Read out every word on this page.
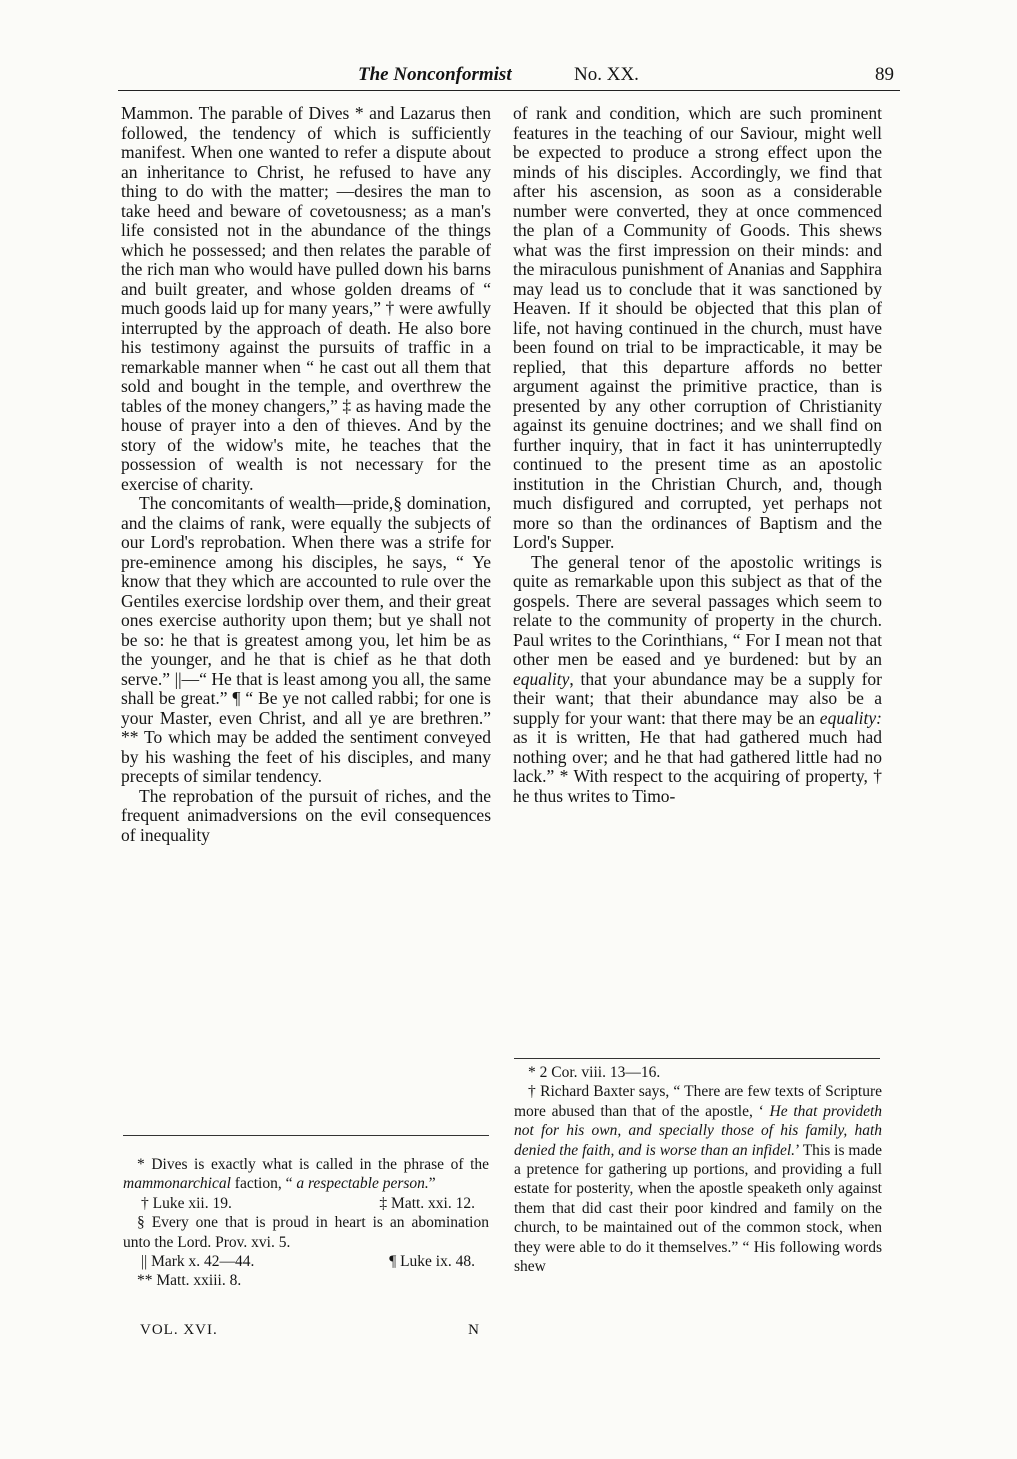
The Nonconformist	No. XX.	89

Mammon. The parable of Dives * and Lazarus then followed, the tendency of which is sufficiently manifest. When one wanted to refer a dispute about an inheritance to Christ, he refused to have any thing to do with the matter; —desires the man to take heed and beware of covetousness; as a man's life consisted not in the abundance of the things which he possessed; and then relates the parable of the rich man who would have pulled down his barns and built greater, and whose golden dreams of “ much goods laid up for many years,” † were awfully interrupted by the approach of death. He also bore his testimony against the pursuits of traffic in a remarkable manner when “ he cast out all them that sold and bought in the temple, and overthrew the tables of the money changers,” ‡ as having made the house of prayer into a den of thieves. And by the story of the widow's mite, he teaches that the possession of wealth is not necessary for the exercise of charity.

The concomitants of wealth—pride,§ domination, and the claims of rank, were equally the subjects of our Lord's reprobation. When there was a strife for pre-eminence among his disciples, he says, “ Ye know that they which are accounted to rule over the Gentiles exercise lordship over them, and their great ones exercise authority upon them; but ye shall not be so: he that is greatest among you, let him be as the younger, and he that is chief as he that doth serve.” ||—“ He that is least among you all, the same shall be great.” ¶ “ Be ye not called rabbi; for one is your Master, even Christ, and all ye are brethren.” ** To which may be added the sentiment conveyed by his washing the feet of his disciples, and many precepts of similar tendency.

The reprobation of the pursuit of riches, and the frequent animadversions on the evil consequences of inequality

of rank and condition, which are such prominent features in the teaching of our Saviour, might well be expected to produce a strong effect upon the minds of his disciples. Accordingly, we find that after his ascension, as soon as a considerable number were converted, they at once commenced the plan of a Community of Goods. This shews what was the first impression on their minds: and the miraculous punishment of Ananias and Sapphira may lead us to conclude that it was sanctioned by Heaven. If it should be objected that this plan of life, not having continued in the church, must have been found on trial to be impracticable, it may be replied, that this departure affords no better argument against the primitive practice, than is presented by any other corruption of Christianity against its genuine doctrines; and we shall find on further inquiry, that in fact it has uninterruptedly continued to the present time as an apostolic institution in the Christian Church, and, though much disfigured and corrupted, yet perhaps not more so than the ordinances of Baptism and the Lord's Supper.

The general tenor of the apostolic writings is quite as remarkable upon this subject as that of the gospels. There are several passages which seem to relate to the community of property in the church. Paul writes to the Corinthians, “ For I mean not that other men be eased and ye burdened: but by an equality, that your abundance may be a supply for their want; that their abundance may also be a supply for your want: that there may be an equality: as it is written, He that had gathered much had nothing over; and he that had gathered little had no lack.” * With respect to the acquiring of property, † he thus writes to Timo-

* Dives is exactly what is called in the phrase of the mammonarchical faction, “ a respectable person.”

† Luke xii. 19.	‡ Matt. xxi. 12.

§ Every one that is proud in heart is an abomination unto the Lord. Prov. xvi. 5.

|| Mark x. 42—44.	¶ Luke ix. 48.

** Matt. xxiii. 8.

VOL. XVI.	N

* 2 Cor. viii. 13—16.

† Richard Baxter says, “ There are few texts of Scripture more abused than that of the apostle, ‘ He that provideth not for his own, and specially those of his family, hath denied the faith, and is worse than an infidel.’ This is made a pretence for gathering up portions, and providing a full estate for posterity, when the apostle speaketh only against them that did cast their poor kindred and family on the church, to be maintained out of the common stock, when they were able to do it themselves.” “ His following words shew
